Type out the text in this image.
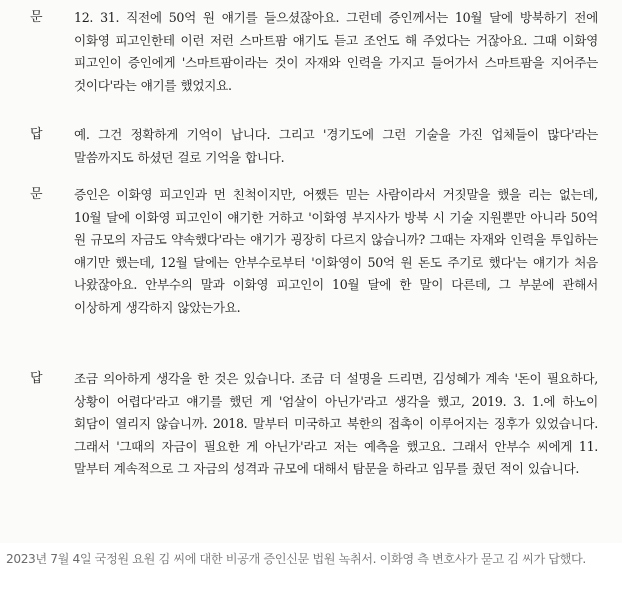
문 12. 31. 직전에 50억 원 얘기를 들으셨잖아요. 그런데 증인께서는 10월 달에 방북하기 전에 이화영 피고인한테 이런 저런 스마트팜 얘기도 듣고 조언도 해 주었다는 거잖아요. 그때 이화영 피고인이 증인에게 '스마트팜이라는 것이 자재와 인력을 가지고 들어가서 스마트팜을 지어주는 것이다'라는 얘기를 했었지요.

답 예. 그건 정확하게 기억이 납니다. 그리고 '경기도에 그런 기술을 가진 업체들이 많다'라는 말씀까지도 하셨던 걸로 기억을 합니다.

문 증인은 이화영 피고인과 먼 친척이지만, 어쨌든 믿는 사람이라서 거짓말을 했을 리는 없는데, 10월 달에 이화영 피고인이 얘기한 거하고 '이화영 부지사가 방북 시 기술 지원뿐만 아니라 50억 원 규모의 자금도 약속했다'라는 얘기가 굉장히 다르지 않습니까? 그때는 자재와 인력을 투입하는 얘기만 했는데, 12월 달에는 안부수로부터 '이화영이 50억 원 돈도 주기로 했다'는 얘기가 처음 나왔잖아요. 안부수의 말과 이화영 피고인이 10월 달에 한 말이 다른데, 그 부분에 관해서 이상하게 생각하지 않았는가요.

답 조금 의아하게 생각을 한 것은 있습니다. 조금 더 설명을 드리면, 김성혜가 계속 '돈이 필요하다, 상황이 어렵다'라고 얘기를 했던 게 '엄살이 아닌가'라고 생각을 했고, 2019. 3. 1.에 하노이 회담이 열리지 않습니까. 2018. 말부터 미국하고 북한의 접촉이 이루어지는 징후가 있었습니다. 그래서 '그때의 자금이 필요한 게 아닌가'라고 저는 예측을 했고요. 그래서 안부수 씨에게 11. 말부터 계속적으로 그 자금의 성격과 규모에 대해서 탐문을 하라고 임무를 줬던 적이 있습니다.

2023년 7월 4일 국정원 요원 김 씨에 대한 비공개 증인신문 법원 녹취서. 이화영 측 변호사가 묻고 김 씨가 답했다.
